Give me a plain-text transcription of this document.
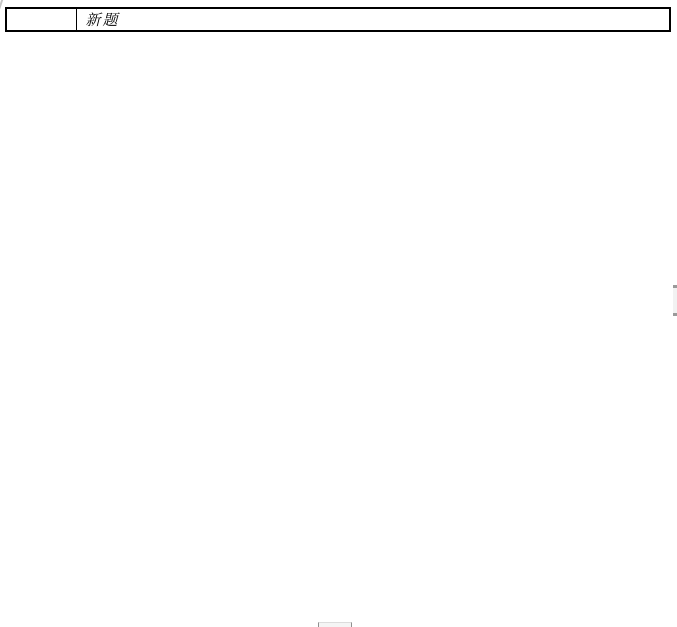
	新题
